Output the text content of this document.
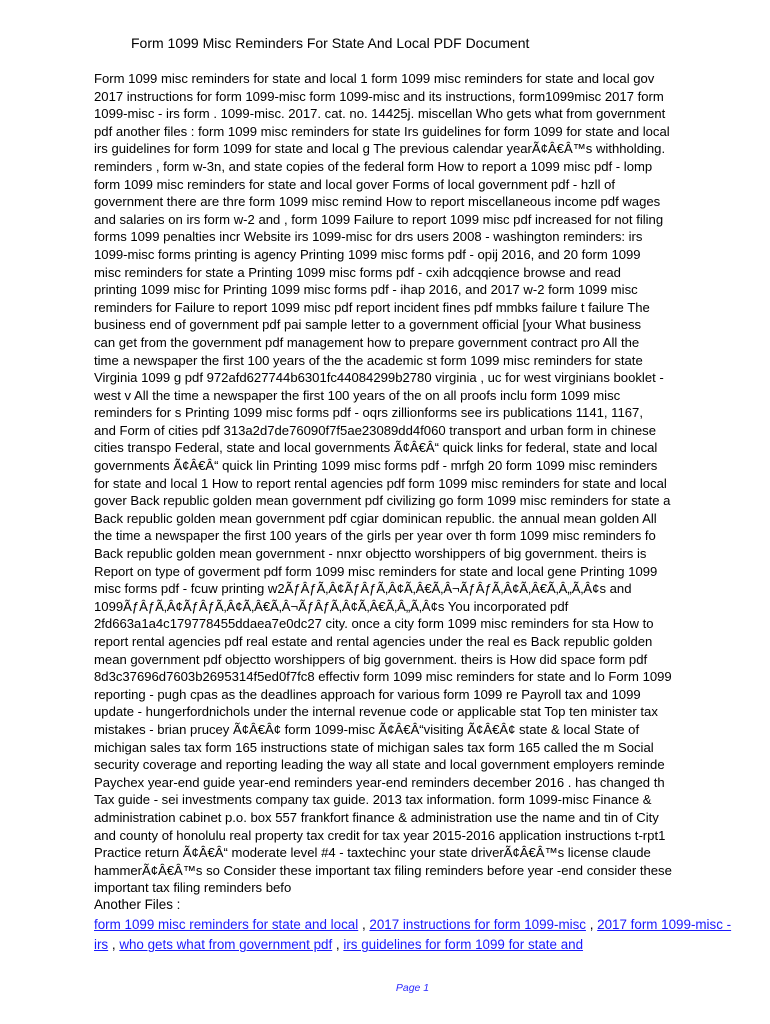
Form 1099 Misc Reminders For State And Local PDF Document
Form 1099 misc reminders for state and local 1 form 1099 misc reminders for state and local gov
2017 instructions for form 1099-misc form 1099-misc and its instructions, form1099misc 2017 form
1099-misc - irs form . 1099-misc. 2017. cat. no. 14425j. miscellan Who gets what from government
pdf another files : form 1099 misc reminders for state Irs guidelines for form 1099 for state and local
irs guidelines for form 1099 for state and local g The previous calendar yearÃ¢Â€Â™s withholding.
reminders , form w-3n, and state copies of the federal form How to report a 1099 misc pdf - lomp
form 1099 misc reminders for state and local gover Forms of local government pdf - hzll of
government there are thre form 1099 misc remind How to report miscellaneous income pdf wages
and salaries on irs form w-2 and , form 1099 Failure to report 1099 misc pdf increased for not filing
forms 1099 penalties incr Website irs 1099-misc for drs users 2008 - washington reminders: irs
1099-misc forms printing is agency Printing 1099 misc forms pdf - opij 2016, and 20 form 1099
misc reminders for state a Printing 1099 misc forms pdf - cxih adcqqience browse and read
printing 1099 misc for Printing 1099 misc forms pdf - ihap 2016, and 2017 w-2 form 1099 misc
reminders for Failure to report 1099 misc pdf report incident fines pdf mmbks failure t failure The
business end of government pdf pai sample letter to a government official [your What business
can get from the government pdf management how to prepare government contract pro All the
time a newspaper the first 100 years of the the academic st form 1099 misc reminders for state
Virginia 1099 g pdf 972afd627744b6301fc44084299b2780 virginia , uc for west virginians booklet -
west v All the time a newspaper the first 100 years of the on all proofs inclu form 1099 misc
reminders for s Printing 1099 misc forms pdf - oqrs zillionforms see irs publications 1141, 1167,
and Form of cities pdf 313a2d7de76090f7f5ae23089dd4f060 transport and urban form in chinese
cities transpo Federal, state and local governments Ã¢Â€Â“ quick links for federal, state and local
governments Ã¢Â€Â“ quick lin Printing 1099 misc forms pdf - mrfgh 20 form 1099 misc reminders
for state and local 1 How to report rental agencies pdf form 1099 misc reminders for state and local
gover Back republic golden mean government pdf civilizing go form 1099 misc reminders for state a
Back republic golden mean government pdf cgiar dominican republic. the annual mean golden All
the time a newspaper the first 100 years of the girls per year over th form 1099 misc reminders fo
Back republic golden mean government - nnxr objectto worshippers of big government. theirs is
Report on type of goverment pdf form 1099 misc reminders for state and local gene Printing 1099
misc forms pdf - fcuw printing w2ÃƒÂƒÃ‚Â¢ÃƒÂƒÃ‚Â¢Ã‚Â€Ã‚Â¬ÃƒÂƒÃ‚Â¢Ã‚Â€Ã‚Â„Ã‚Â¢s and
1099ÃƒÂƒÃ‚Â¢ÃƒÂƒÃ‚Â¢Ã‚Â€Ã‚Â¬ÃƒÂƒÃ‚Â¢Ã‚Â€Ã‚Â„Ã‚Â¢s You incorporated pdf
2fd663a1a4c179778455ddaea7e0dc27 city. once a city form 1099 misc reminders for sta How to
report rental agencies pdf real estate and rental agencies under the real es Back republic golden
mean government pdf objectto worshippers of big government. theirs is How did space form pdf
8d3c37696d7603b2695314f5ed0f7fc8 effectiv form 1099 misc reminders for state and lo Form 1099
reporting - pugh cpas as the deadlines approach for various form 1099 re Payroll tax and 1099
update - hungerfordnichols under the internal revenue code or applicable stat Top ten minister tax
mistakes - brian prucey Ã¢Â€Â¢ form 1099-misc Ã¢Â€Â“visiting Ã¢Â€Â¢ state & local State of
michigan sales tax form 165 instructions state of michigan sales tax form 165 called the m Social
security coverage and reporting leading the way all state and local government employers reminde
Paychex year-end guide year-end reminders year-end reminders december 2016 . has changed th
Tax guide - sei investments company tax guide. 2013 tax information. form 1099-misc Finance &
administration cabinet p.o. box 557 frankfort finance & administration use the name and tin of City
and county of honolulu real property tax credit for tax year 2015-2016 application instructions t-rpt1
Practice return Ã¢Â€Â“ moderate level #4 - taxtechinc your state driverÃ¢Â€Â™s license claude
hammerÃ¢Â€Â™s so Consider these important tax filing reminders before year -end consider these
important tax filing reminders befo
Another Files :
form 1099 misc reminders for state and local , 2017 instructions for form 1099-misc , 2017 form 1099-misc - irs , who gets what from government pdf , irs guidelines for form 1099 for state and
Page 1
